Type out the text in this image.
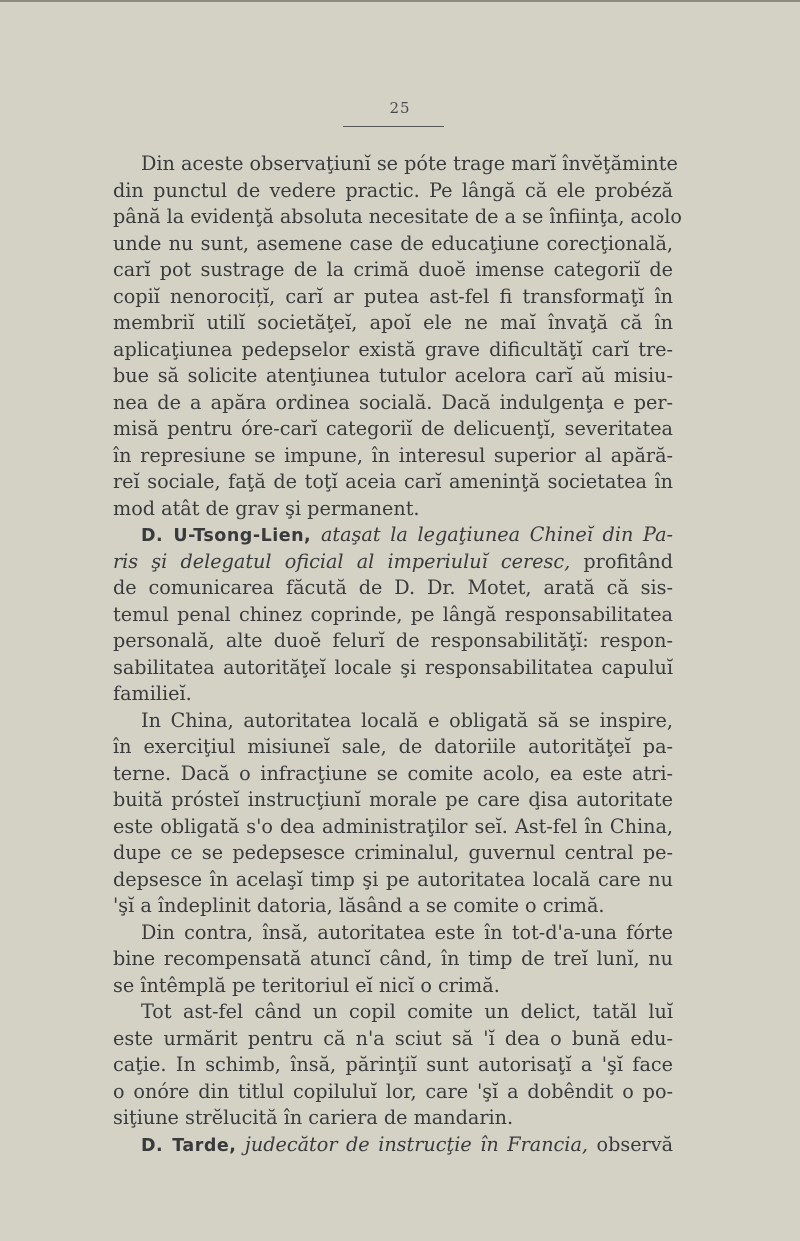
25
Din aceste observaţiunĭ se póte trage marĭ învĕţăminte
din punctul de vedere practic. Pe lângă că ele probéză
până la evidenţă absoluta necesitate de a se înfiinţa, acolo
unde nu sunt, asemene case de educaţiune corecţională,
carĭ pot sustrage de la crimă duoĕ imense categoriĭ de
copiĭ nenorocițĭ, carĭ ar putea ast-fel fi transformaţĭ în
membriĭ utilĭ societăţeĭ, apoĭ ele ne maĭ învaţă că în
aplicaţiunea pedepselor există grave dificultăţĭ carĭ tre-
bue să solicite atenţiunea tutulor acelora carĭ aŭ misiu-
nea de a apăra ordinea socială. Dacă indulgenţa e per-
misă pentru óre-carĭ categoriĭ de delicuenţĭ, severitatea
în represiune se impune, în interesul superior al apără-
reĭ sociale, faţă de toţĭ aceia carĭ ameninţă societatea în
mod atât de grav şi permanent.
D. U-Tsong-Lien, ataşat la legaţiunea Chineĭ din Pa-
ris şi delegatul oficial al imperiuluĭ ceresc, profitând
de comunicarea făcută de D. Dr. Motet, arată că sis-
temul penal chinez coprinde, pe lângă responsabilitatea
personală, alte duoĕ felurĭ de responsabilităţĭ: respon-
sabilitatea autorităţeĭ locale şi responsabilitatea capuluĭ
familieĭ.
In China, autoritatea locală e obligată să se inspire,
în exerciţiul misiuneĭ sale, de datoriile autorităţeĭ pa-
terne. Dacă o infracţiune se comite acolo, ea este atri-
buită prósteĭ instrucţiunĭ morale pe care ḑisa autoritate
este obligată s'o dea administraţilor seĭ. Ast-fel în China,
dupe ce se pedepsesce criminalul, guvernul central pe-
depsesce în acelaşĭ timp şi pe autoritatea locală care nu
'şĭ a îndeplinit datoria, lăsând a se comite o crimă.
Din contra, însă, autoritatea este în tot-d'a-una fórte
bine recompensată atuncĭ când, în timp de treĭ lunĭ, nu
se întêmplă pe teritoriul eĭ nicĭ o crimă.
Tot ast-fel când un copil comite un delict, tatăl luĭ
este urmărit pentru că n'a sciut să 'ĭ dea o bună edu-
caţie. In schimb, însă, părinţiĭ sunt autorisaţĭ a 'şĭ face
o onóre din titlul copiluluĭ lor, care 'şĭ a dobêndit o po-
siţiune strĕlucită în cariera de mandarin.
D. Tarde, judecător de instrucţie în Francia, observă
